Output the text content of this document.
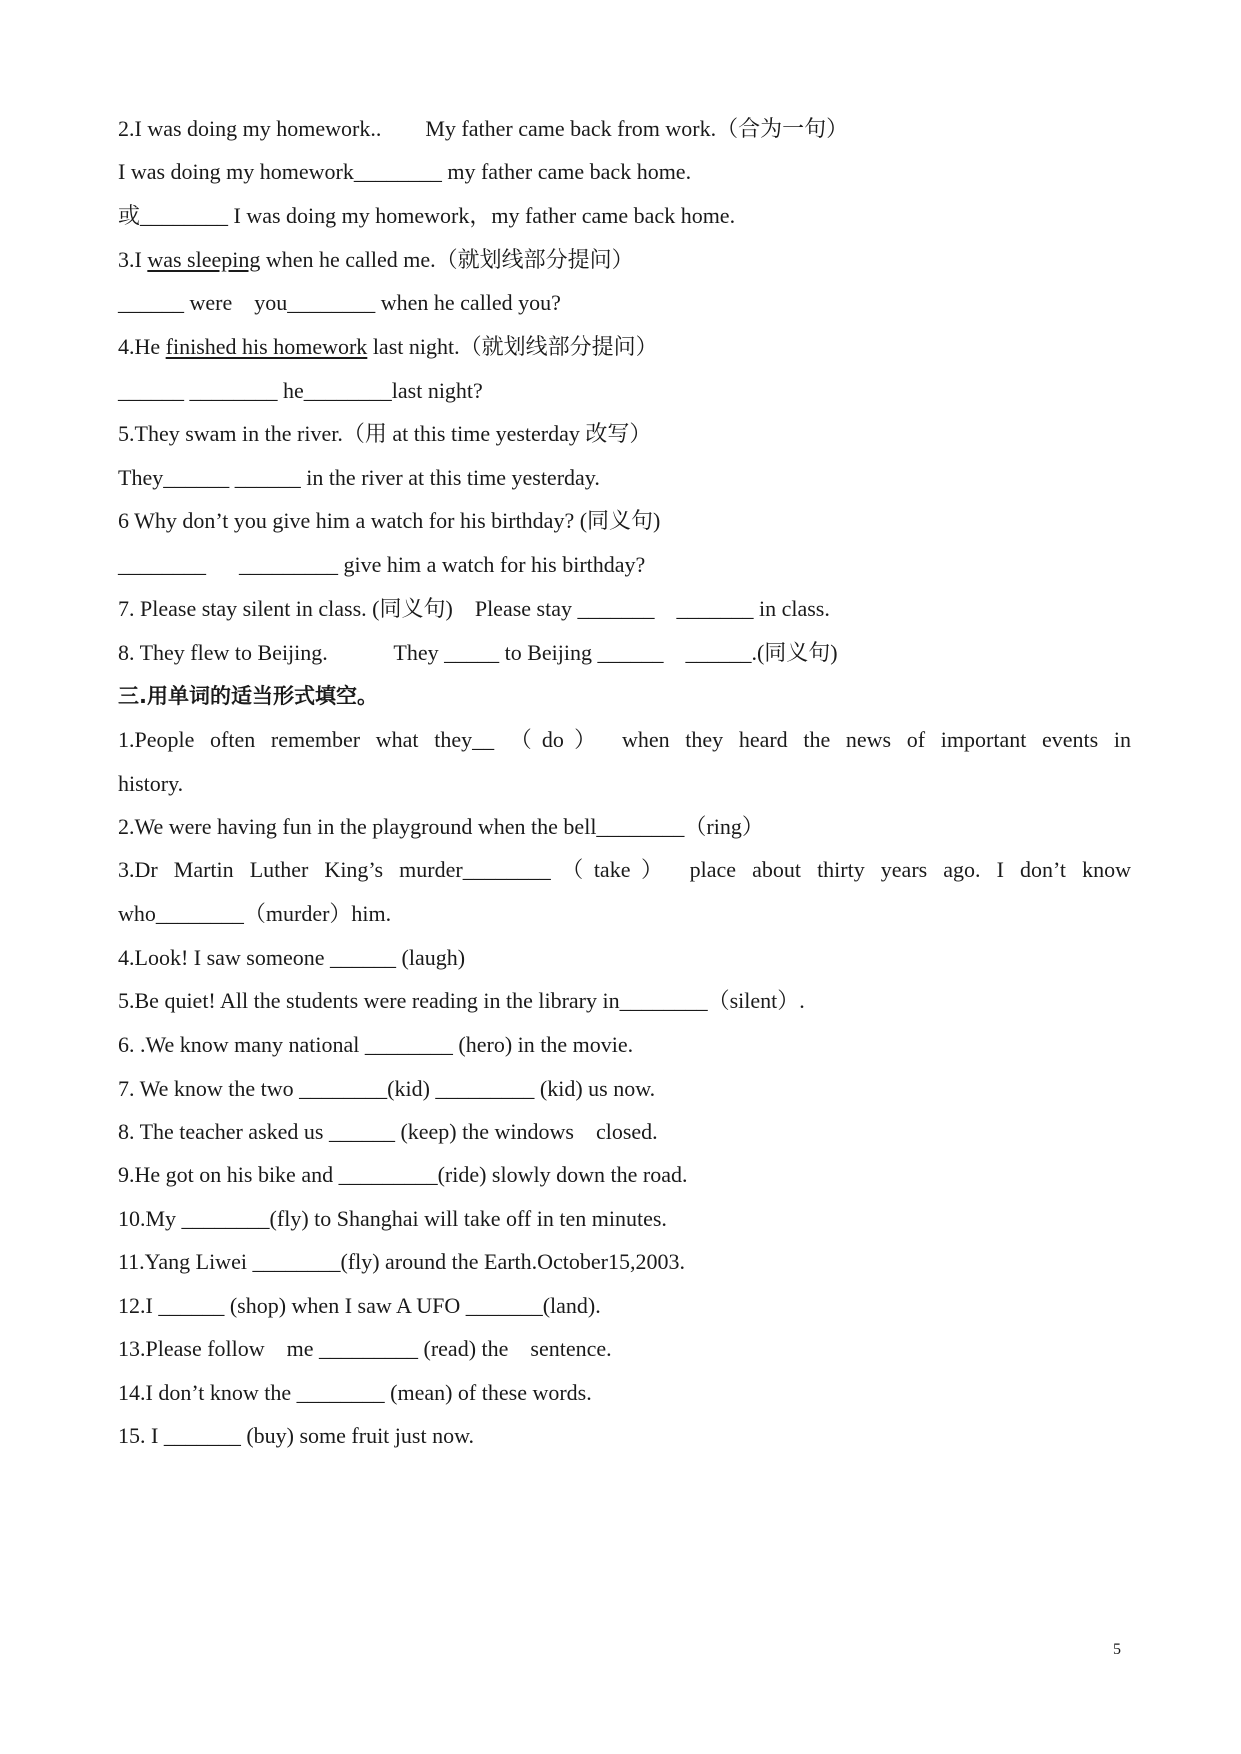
2.I was doing my homework..        My father came back from work.（合为一句）
I was doing my homework________ my father came back home.
或________ I was doing my homework，my father came back home.
3.I was sleeping when he called me.（就划线部分提问）
______ were    you________ when he called you?
4.He finished his homework last night.（就划线部分提问）
______ ________ he________last night?
5.They swam in the river.（用 at this time yesterday 改写）
They______ ______ in the river at this time yesterday.
6 Why don’t you give him a watch for his birthday? (同义句)
________      _________ give him a watch for his birthday?
7. Please stay silent in class. (同义句)    Please stay _______    _______ in class.
8. They flew to Beijing.            They _____ to Beijing ______    ______.(同义句)
三.用单词的适当形式填空。
1.People often remember what they__ （do） when they heard the news of important events in
history.
2.We were having fun in the playground when the bell________（ring）
3.Dr Martin Luther King’s murder________（take） place about thirty years ago. I don’t know
who________（murder）him.
4.Look! I saw someone ______ (laugh)
5.Be quiet! All the students were reading in the library in________（silent）.
6. .We know many national ________ (hero) in the movie.
7. We know the two ________(kid) _________ (kid) us now.
8. The teacher asked us ______ (keep) the windows    closed.
9.He got on his bike and _________(ride) slowly down the road.
10.My ________(fly) to Shanghai will take off in ten minutes.
11.Yang Liwei ________(fly) around the Earth.October15,2003.
12.I ______ (shop) when I saw A UFO _______(land).
13.Please follow    me _________ (read) the    sentence.
14.I don’t know the ________ (mean) of these words.
15. I _______ (buy) some fruit just now.
5
